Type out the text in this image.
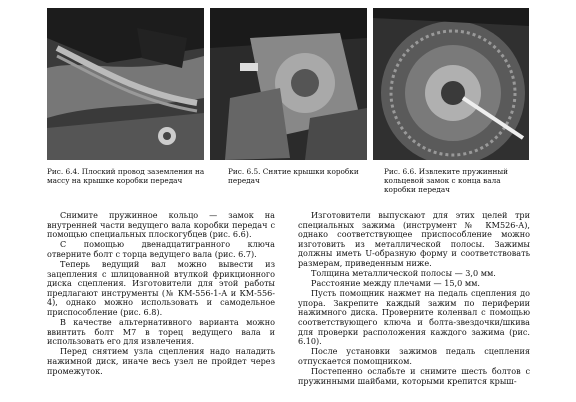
Рис. 6.4. Плоский провод заземления на массу на крышке коробки передач
Рис. 6.5. Снятие крышки коробки передач
Рис. 6.6. Извлеките пружинный кольцевой замок с конца вала коробки передач

Снимите пружинное кольцо — замок на внутренней части ведущего вала коробки передач с помощью специальных плоскогубцев (рис. 6.6).

С помощью двенадцатигранного ключа отверните болт с торца ведущего вала (рис. 6.7).

Теперь ведущий вал можно вывести из зацепления с шлицованной втулкой фрикционного диска сцепления. Изготовители для этой работы предлагают инструменты (№ КМ-556-1-А и КМ-556-4), однако можно использовать и самодельное приспособление (рис. 6.8).

В качестве альтернативного варианта можно ввинтить болт М7 в торец ведущего вала и использовать его для извлечения.

Перед снятием узла сцепления надо наладить нажимной диск, иначе весь узел не пройдет через промежуток.

Изготовители выпускают для этих целей три специальных зажима (инструмент № КМ526-А), однако соответствующее приспособление можно изготовить из металлической полосы. Зажимы должны иметь U-образную форму и соответствовать размерам, приведенным ниже.

Толщина металлической полосы — 3,0 мм.

Расстояние между плечами — 15,0 мм.

Пусть помощник нажмет на педаль сцепления до упора. Закрепите каждый зажим по периферии нажимного диска. Проверните коленвал с помощью соответствующего ключа и болта-звездочки/шкива для проверки расположения каждого зажима (рис. 6.10).

После установки зажимов педаль сцепления отпускается помощником.

Постепенно ослабьте и снимите шесть болтов с пружинными шайбами, которыми крепится крыш-
